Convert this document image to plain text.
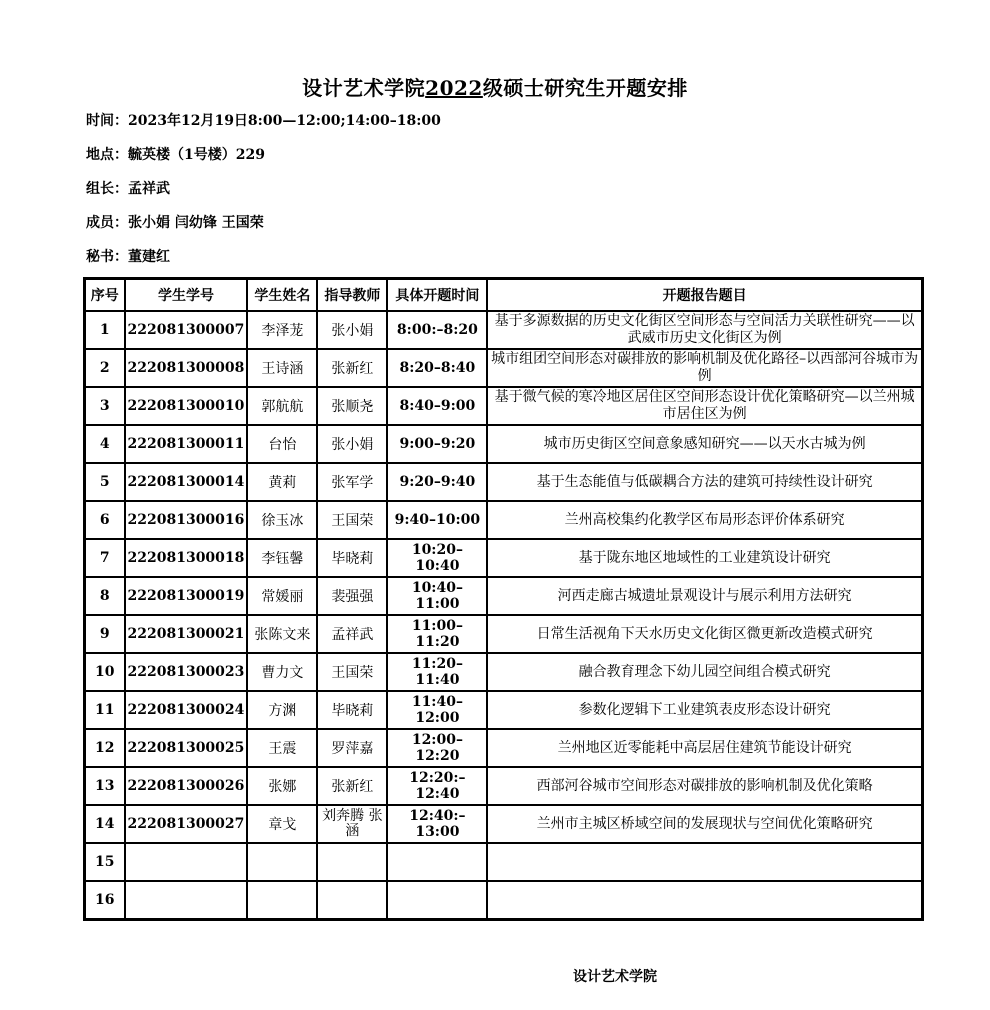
设计艺术学院2022级硕士研究生开题安排
时间：2023年12月19日8:00—12:00;14:00–18:00
地点：毓英楼（1号楼）229
组长：孟祥武
成员：张小娟 闫幼锋 王国荣
秘书：董建红
序号	学生学号	学生姓名	指导教师	具体开题时间	开题报告题目
1	222081300007	李泽茏	张小娟	8:00:–8:20	基于多源数据的历史文化街区空间形态与空间活力关联性研究——以武威市历史文化街区为例
2	222081300008	王诗涵	张新红	8:20–8:40	城市组团空间形态对碳排放的影响机制及优化路径–以西部河谷城市为例
3	222081300010	郭航航	张顺尧	8:40–9:00	基于微气候的寒冷地区居住区空间形态设计优化策略研究—以兰州城市居住区为例
4	222081300011	台怡	张小娟	9:00–9:20	城市历史街区空间意象感知研究——以天水古城为例
5	222081300014	黄莉	张军学	9:20–9:40	基于生态能值与低碳耦合方法的建筑可持续性设计研究
6	222081300016	徐玉冰	王国荣	9:40–10:00	兰州高校集约化教学区布局形态评价体系研究
7	222081300018	李钰馨	毕晓莉	10:20–10:40	基于陇东地区地域性的工业建筑设计研究
8	222081300019	常媛丽	裴强强	10:40–11:00	河西走廊古城遗址景观设计与展示利用方法研究
9	222081300021	张陈文来	孟祥武	11:00–11:20	日常生活视角下天水历史文化街区微更新改造模式研究
10	222081300023	曹力文	王国荣	11:20–11:40	融合教育理念下幼儿园空间组合模式研究
11	222081300024	方渊	毕晓莉	11:40–12:00	参数化逻辑下工业建筑表皮形态设计研究
12	222081300025	王震	罗萍嘉	12:00–12:20	兰州地区近零能耗中高层居住建筑节能设计研究
13	222081300026	张娜	张新红	12:20:–12:40	西部河谷城市空间形态对碳排放的影响机制及优化策略
14	222081300027	章戈	刘奔腾 张涵	12:40:–13:00	兰州市主城区桥域空间的发展现状与空间优化策略研究
15					
16					
设计艺术学院
